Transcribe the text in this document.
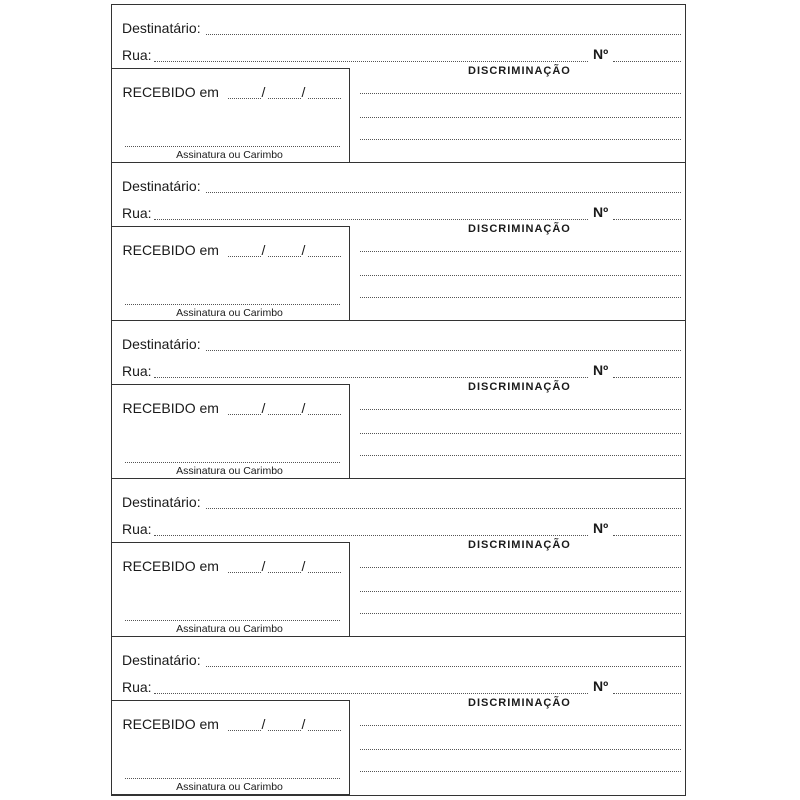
Destinatário:
Rua:	Nº
RECEBIDO em	/	/
Assinatura ou Carimbo
DISCRIMINAÇÃO
Destinatário:
Rua:	Nº
RECEBIDO em	/	/
Assinatura ou Carimbo
DISCRIMINAÇÃO
Destinatário:
Rua:	Nº
RECEBIDO em	/	/
Assinatura ou Carimbo
DISCRIMINAÇÃO
Destinatário:
Rua:	Nº
RECEBIDO em	/	/
Assinatura ou Carimbo
DISCRIMINAÇÃO
Destinatário:
Rua:	Nº
RECEBIDO em	/	/
Assinatura ou Carimbo
DISCRIMINAÇÃO
